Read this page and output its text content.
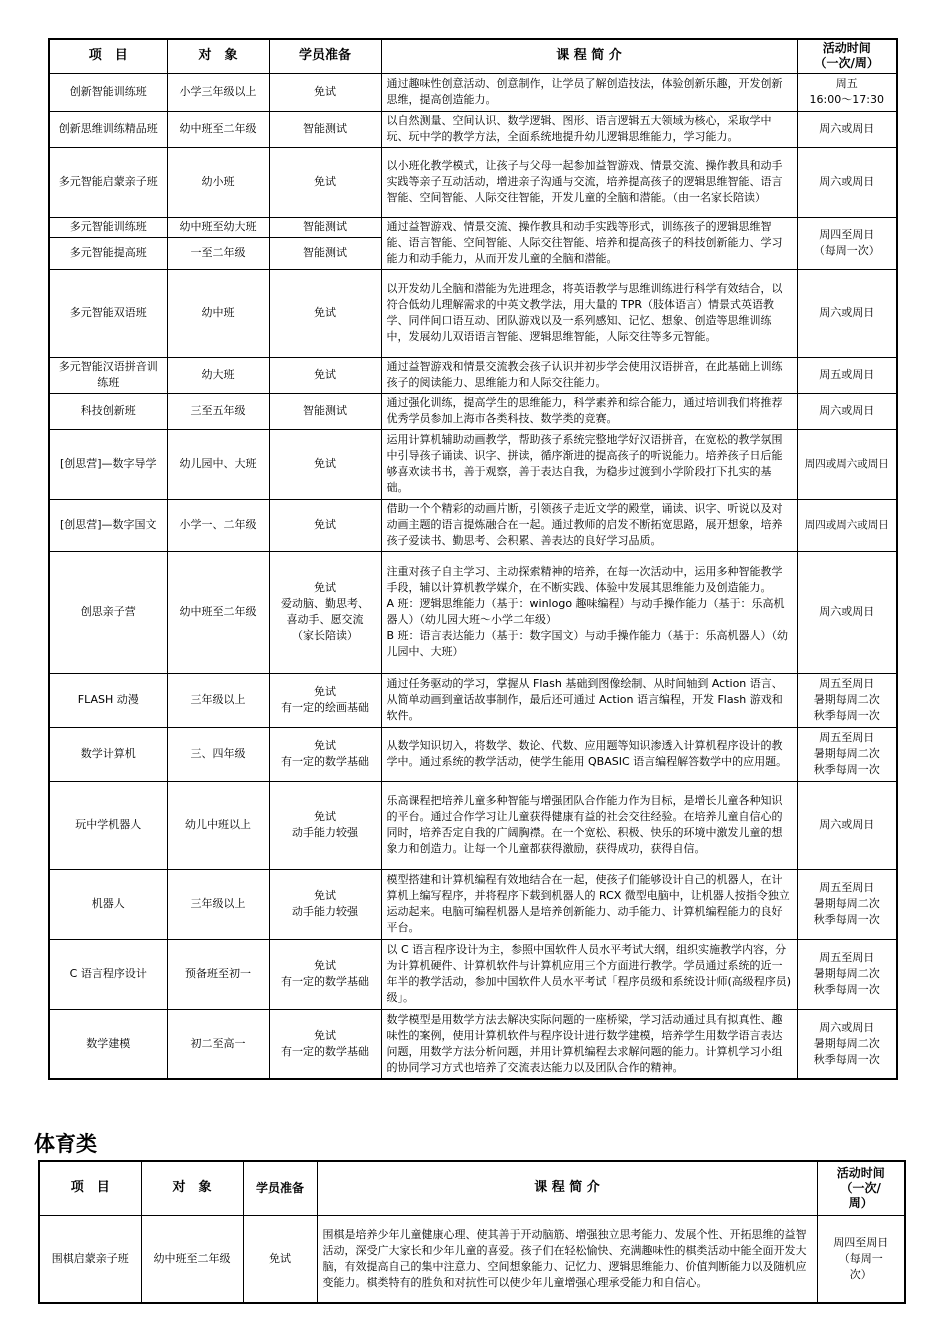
项　目	对　象	学员准备	课 程 简 介	活动时间
（一次/周）
创新智能训练班	小学三年级以上	免试	通过趣味性创意活动、创意制作，让学员了解创造技法，体验创新乐趣，开发创新思维，提高创造能力。	周五
16:00～17:30
创新思维训练精品班	幼中班至二年级	智能测试	以自然测量、空间认识、数学逻辑、图形、语言逻辑五大领域为核心，采取学中玩、玩中学的教学方法，全面系统地提升幼儿逻辑思维能力，学习能力。	周六或周日
多元智能启蒙亲子班	幼小班	免试	以小班化教学模式，让孩子与父母一起参加益智游戏、情景交流、操作教具和动手实践等亲子互动活动，增进亲子沟通与交流，培养提高孩子的逻辑思维智能、语言智能、空间智能、人际交往智能，开发儿童的全脑和潜能。（由一名家长陪读）	周六或周日
多元智能训练班	幼中班至幼大班	智能测试	通过益智游戏、情景交流、操作教具和动手实践等形式，训练孩子的逻辑思维智能、语言智能、空间智能、人际交往智能、培养和提高孩子的科技创新能力、学习能力和动手能力，从而开发儿童的全脑和潜能。	周四至周日
（每周一次）
多元智能提高班	一至二年级	智能测试		
多元智能双语班	幼中班	免试	以开发幼儿全脑和潜能为先进理念，将英语教学与思维训练进行科学有效结合，以符合低幼儿理解需求的中英文教学法，用大量的 TPR（肢体语言）情景式英语教学、同伴间口语互动、团队游戏以及一系列感知、记忆、想象、创造等思维训练中，发展幼儿双语语言智能、逻辑思维智能，人际交往等多元智能。	周六或周日
多元智能汉语拼音训练班	幼大班	免试	通过益智游戏和情景交流教会孩子认识并初步学会使用汉语拼音，在此基础上训练孩子的阅读能力、思维能力和人际交往能力。	周五或周日
科技创新班	三至五年级	智能测试	通过强化训练，提高学生的思维能力，科学素养和综合能力，通过培训我们将推荐优秀学员参加上海市各类科技、数学类的竞赛。	周六或周日
[创思营]—数字导学	幼儿园中、大班	免试	运用计算机辅助动画教学，帮助孩子系统完整地学好汉语拼音，在宽松的教学氛围中引导孩子诵读、识字、拼读，循序渐进的提高孩子的听说能力。培养孩子日后能够喜欢读书书，善于观察，善于表达自我，为稳步过渡到小学阶段打下扎实的基础。	周四或周六或周日
[创思营]—数字国文	小学一、二年级	免试	借助一个个精彩的动画片断，引领孩子走近文学的殿堂，诵读、识字、听说以及对动画主题的语言提炼融合在一起。通过教师的启发不断拓宽思路，展开想象，培养孩子爱读书、勤思考、会积累、善表达的良好学习品质。	周四或周六或周日
创思亲子营	幼中班至二年级	免试
爱动脑、勤思考、
喜动手、愿交流
（家长陪读）	注重对孩子自主学习、主动探索精神的培养，在每一次活动中，运用多种智能教学手段，辅以计算机教学媒介，在不断实践、体验中发展其思维能力及创造能力。
A 班：逻辑思维能力（基于：winlogo 趣味编程）与动手操作能力（基于：乐高机器人）（幼儿园大班～小学二年级）
B 班：语言表达能力（基于：数字国文）与动手操作能力（基于：乐高机器人）（幼儿园中、大班）	周六或周日
FLASH 动漫	三年级以上	免试
有一定的绘画基础	通过任务驱动的学习，掌握从 Flash 基础到图像绘制、从时间轴到 Action 语言、从简单动画到童话故事制作，最后还可通过 Action 语言编程，开发 Flash 游戏和软件。	周五至周日
暑期每周二次
秋季每周一次
数学计算机	三、四年级	免试
有一定的数学基础	从数学知识切入，将数学、数论、代数、应用题等知识渗透入计算机程序设计的教学中。通过系统的教学活动，使学生能用 QBASIC 语言编程解答数学中的应用题。	周五至周日
暑期每周二次
秋季每周一次
玩中学机器人	幼儿中班以上	免试
动手能力较强	乐高课程把培养儿童多种智能与增强团队合作能力作为目标，是增长儿童各种知识的平台。通过合作学习让儿童获得健康有益的社会交往经验。在培养儿童自信心的同时，培养否定自我的广阔胸襟。在一个宽松、积极、快乐的环境中激发儿童的想象力和创造力。让每一个儿童都获得激励，获得成功，获得自信。	周六或周日
机器人	三年级以上	免试
动手能力较强	模型搭建和计算机编程有效地结合在一起，使孩子们能够设计自己的机器人，在计算机上编写程序，并将程序下载到机器人的 RCX 微型电脑中，让机器人按指令独立运动起来。电脑可编程机器人是培养创新能力、动手能力、计算机编程能力的良好平台。	周五至周日
暑期每周二次
秋季每周一次
C 语言程序设计	预备班至初一	免试
有一定的数学基础	以 C 语言程序设计为主，参照中国软件人员水平考试大纲，组织实施教学内容，分为计算机硬件、计算机软件与计算机应用三个方面进行教学。学员通过系统的近一年半的教学活动，参加中国软件人员水平考试「程序员级和系统设计师(高级程序员)级」。	周五至周日
暑期每周二次
秋季每周一次
数学建模	初二至高一	免试
有一定的数学基础	数学模型是用数学方法去解决实际问题的一座桥梁，学习活动通过具有拟真性、趣味性的案例，使用计算机软件与程序设计进行数学建模，培养学生用数学语言表达问题，用数学方法分析问题，并用计算机编程去求解问题的能力。计算机学习小组的协同学习方式也培养了交流表达能力以及团队合作的精神。	周六或周日
暑期每周二次
秋季每周一次
体育类
项　目	对　象	学员准备	课 程 简 介	活动时间
（一次/
周）
围棋启蒙亲子班	幼中班至二年级	免试	围棋是培养少年儿童健康心理、使其善于开动脑筋、增强独立思考能力、发展个性、开拓思维的益智活动，深受广大家长和少年儿童的喜爱。孩子们在轻松愉快、充满趣味性的棋类活动中能全面开发大脑，有效提高自己的集中注意力、空间想象能力、记忆力、逻辑思维能力、价值判断能力以及随机应变能力。棋类特有的胜负和对抗性可以使少年儿童增强心理承受能力和自信心。	周四至周日
（每周一
次）
